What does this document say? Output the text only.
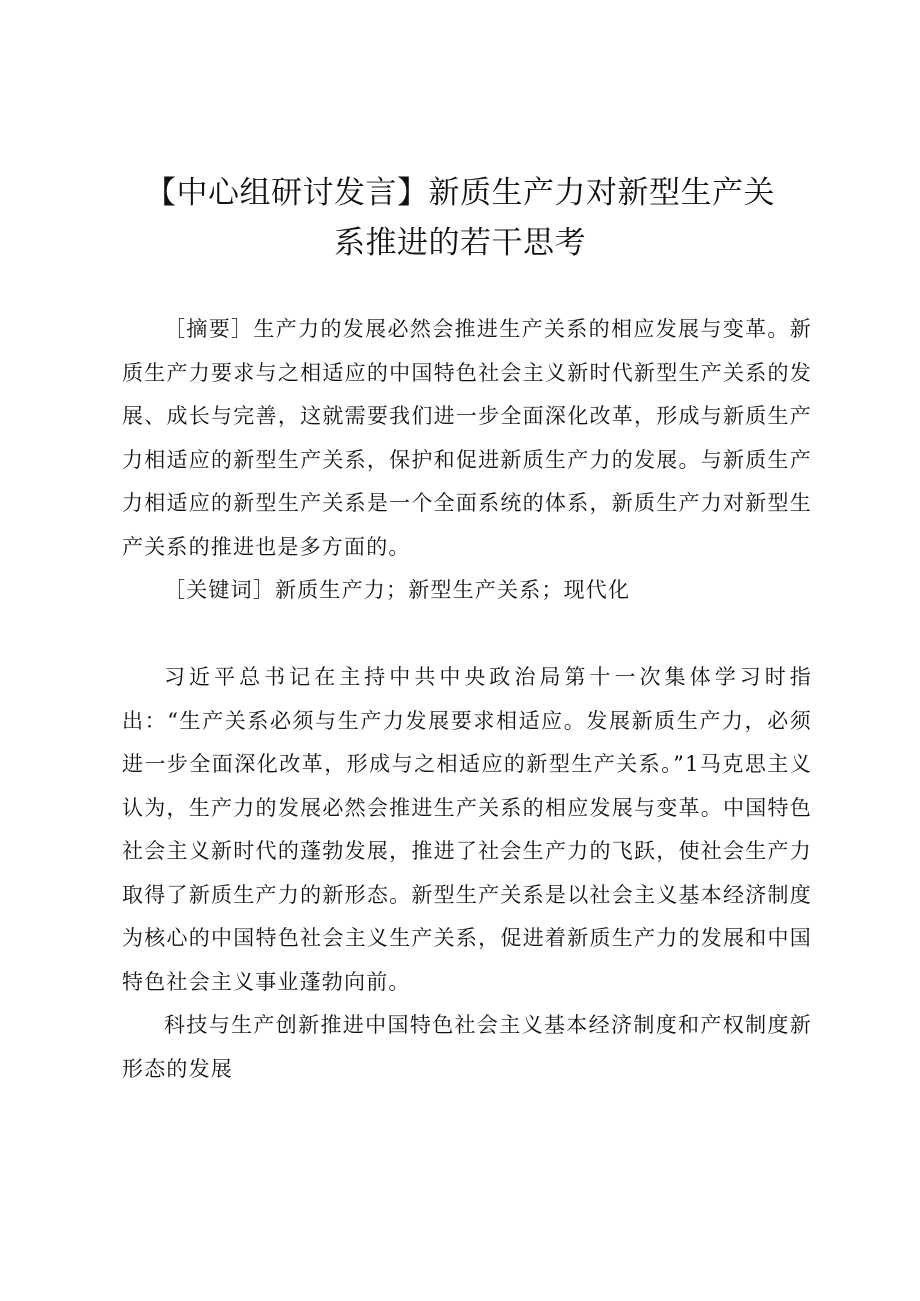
【中心组研讨发言】新质生产力对新型生产关
系推进的若干思考

［摘要］生产力的发展必然会推进生产关系的相应发展与变革。新质生产力要求与之相适应的中国特色社会主义新时代新型生产关系的发展、成长与完善，这就需要我们进一步全面深化改革，形成与新质生产力相适应的新型生产关系，保护和促进新质生产力的发展。与新质生产力相适应的新型生产关系是一个全面系统的体系，新质生产力对新型生产关系的推进也是多方面的。

［关键词］新质生产力；新型生产关系；现代化

习近平总书记在主持中共中央政治局第十一次集体学习时指出：“生产关系必须与生产力发展要求相适应。发展新质生产力，必须进一步全面深化改革，形成与之相适应的新型生产关系。”1马克思主义认为，生产力的发展必然会推进生产关系的相应发展与变革。中国特色社会主义新时代的蓬勃发展，推进了社会生产力的飞跃，使社会生产力取得了新质生产力的新形态。新型生产关系是以社会主义基本经济制度为核心的中国特色社会主义生产关系，促进着新质生产力的发展和中国特色社会主义事业蓬勃向前。

科技与生产创新推进中国特色社会主义基本经济制度和产权制度新形态的发展
